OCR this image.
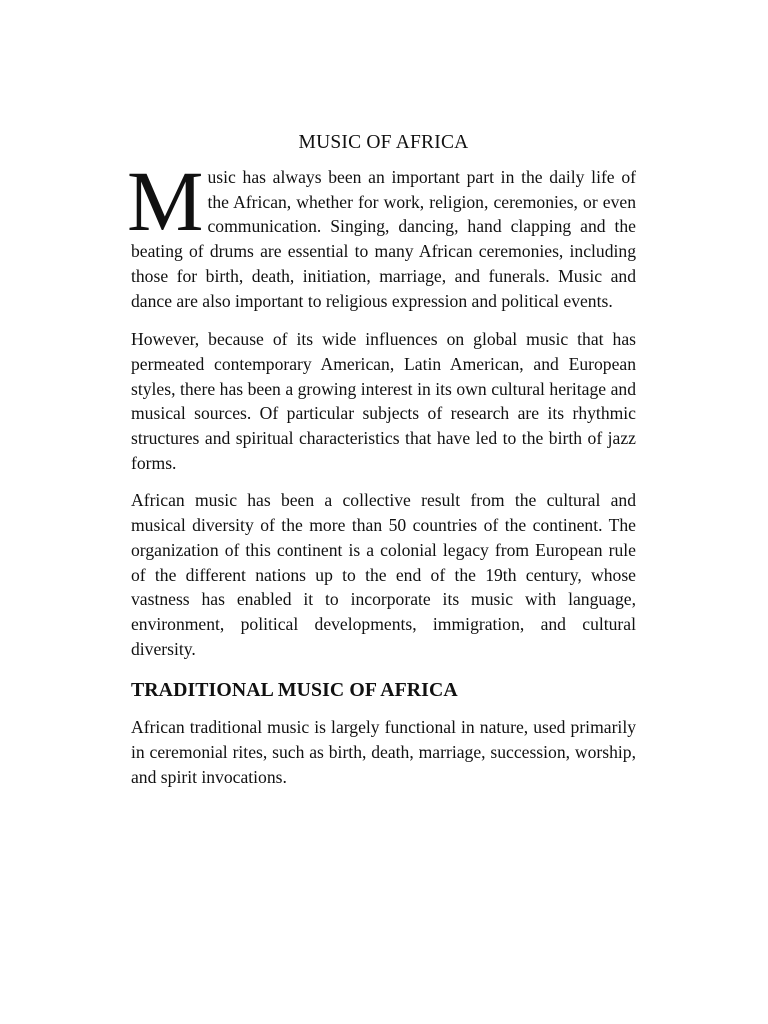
MUSIC OF AFRICA

Music has always been an important part in the daily life of the African, whether for work, religion, ceremonies, or even communication. Singing, dancing, hand clapping and the beating of drums are essential to many African ceremonies, including those for birth, death, initiation, marriage, and funerals. Music and dance are also important to religious expression and political events.

However, because of its wide influences on global music that has permeated contemporary American, Latin American, and European styles, there has been a growing interest in its own cultural heritage and musical sources. Of particular subjects of research are its rhythmic structures and spiritual characteristics that have led to the birth of jazz forms.

African music has been a collective result from the cultural and musical diversity of the more than 50 countries of the continent. The organization of this continent is a colonial legacy from European rule of the different nations up to the end of the 19th century, whose vastness has enabled it to incorporate its music with language, environment, political developments, immigration, and cultural diversity.

TRADITIONAL MUSIC OF AFRICA

African traditional music is largely functional in nature, used primarily in ceremonial rites, such as birth, death, marriage, succession, worship, and spirit invocations.
